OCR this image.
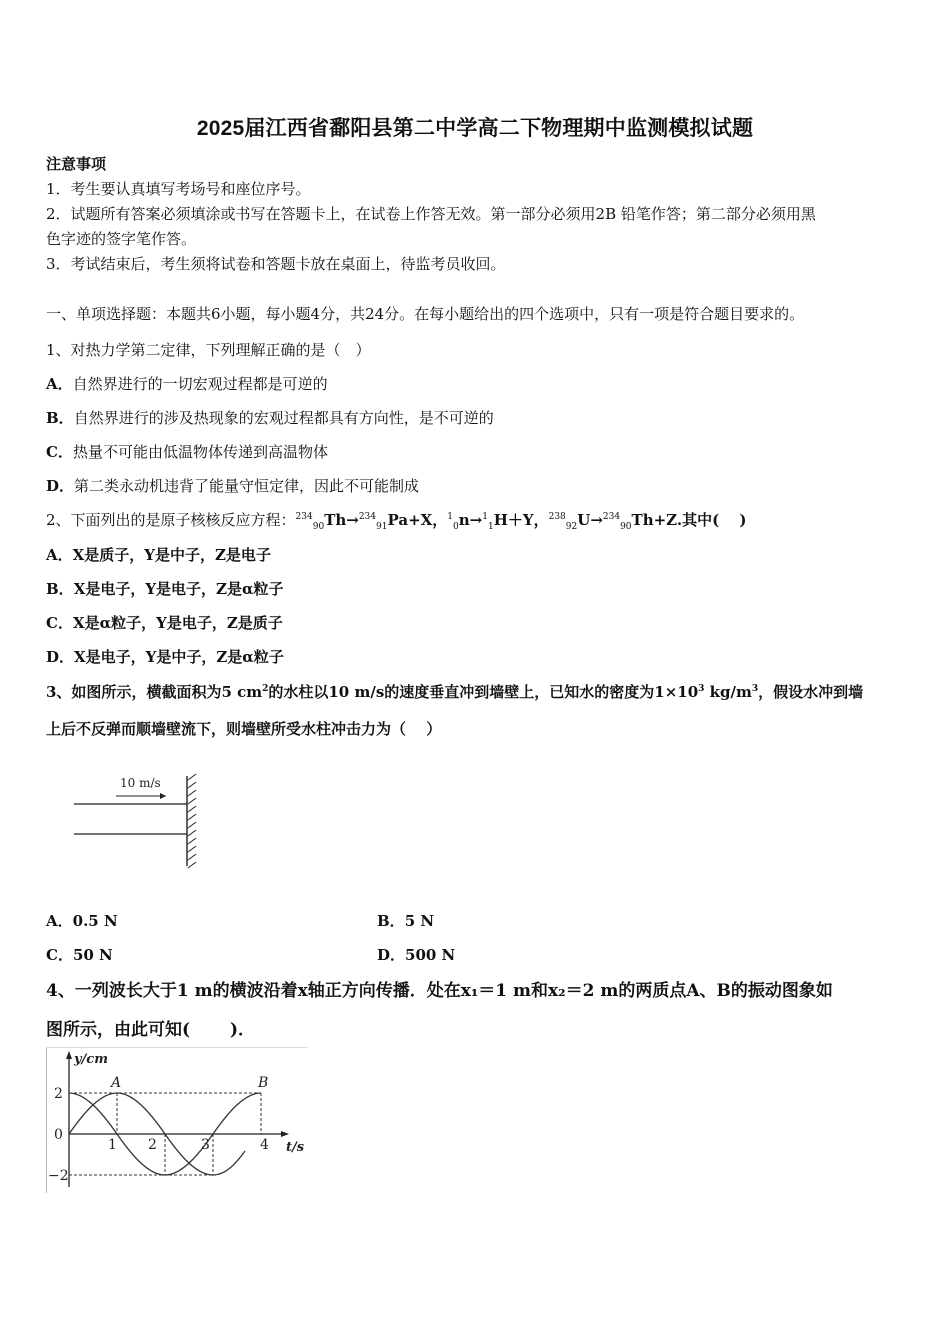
2025届江西省鄱阳县第二中学高二下物理期中监测模拟试题
注意事项
1．考生要认真填写考场号和座位序号。
2．试题所有答案必须填涂或书写在答题卡上，在试卷上作答无效。第一部分必须用2B 铅笔作答；第二部分必须用黑
色字迹的签字笔作答。
3．考试结束后，考生须将试卷和答题卡放在桌面上，待监考员收回。
一、单项选择题：本题共6小题，每小题4分，共24分。在每小题给出的四个选项中，只有一项是符合题目要求的。
1、对热力学第二定律，下列理解正确的是（　）
A．自然界进行的一切宏观过程都是可逆的
B．自然界进行的涉及热现象的宏观过程都具有方向性，是不可逆的
C．热量不可能由低温物体传递到高温物体
D．第二类永动机违背了能量守恒定律，因此不可能制成
2、下面列出的是原子核核反应方程：$^{234}_{90}$Th→$^{234}_{91}$Pa+X，$^1_0$n→$^1_1$H＋Y，$^{238}_{92}$U→$^{234}_{90}$Th+Z.其中(　 )
A．X是质子，Y是中子，Z是电子
B．X是电子，Y是电子，Z是α粒子
C．X是α粒子，Y是电子，Z是质子
D．X是电子，Y是中子，Z是α粒子
3、如图所示，横截面积为5 $cm^2$的水柱以10 m/s的速度垂直冲到墙壁上，已知水的密度为$1\times 10^3$ $kg/m^3$，假设水冲到墙
上后不反弹而顺墙壁流下，则墙壁所受水柱冲击力为（　 ）
10 m/s
A．0.5 N	B．5 N
C．50 N	D．500 N
4、一列波长大于1 m的横波沿着x轴正方向传播．处在x₁＝1 m和x₂＝2 m的两质点A、B的振动图象如
图所示，由此可知(　　 )．
y/cm
t/s
2
0
−2
1 2	3	4
A	B
